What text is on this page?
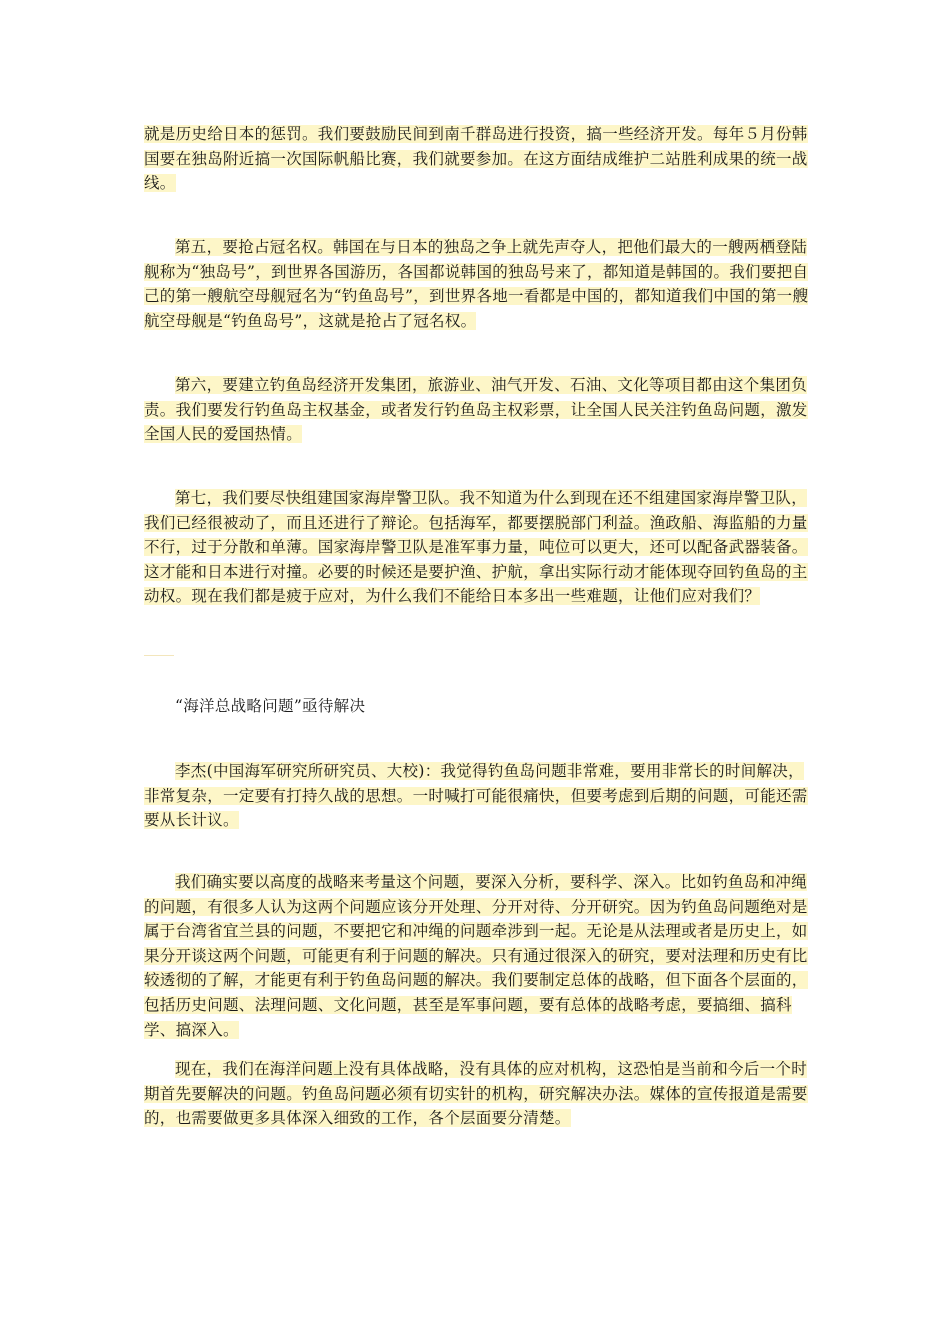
就是历史给日本的惩罚。我们要鼓励民间到南千群岛进行投资，搞一些经济开发。每年５月份韩国要在独岛附近搞一次国际帆船比赛，我们就要参加。在这方面结成维护二站胜利成果的统一战线。

第五，要抢占冠名权。韩国在与日本的独岛之争上就先声夺人，把他们最大的一艘两栖登陆舰称为“独岛号”，到世界各国游历，各国都说韩国的独岛号来了，都知道是韩国的。我们要把自己的第一艘航空母舰冠名为“钓鱼岛号”，到世界各地一看都是中国的，都知道我们中国的第一艘航空母舰是“钓鱼岛号”，这就是抢占了冠名权。

第六，要建立钓鱼岛经济开发集团，旅游业、油气开发、石油、文化等项目都由这个集团负责。我们要发行钓鱼岛主权基金，或者发行钓鱼岛主权彩票，让全国人民关注钓鱼岛问题，激发全国人民的爱国热情。

第七，我们要尽快组建国家海岸警卫队。我不知道为什么到现在还不组建国家海岸警卫队，我们已经很被动了，而且还进行了辩论。包括海军，都要摆脱部门利益。渔政船、海监船的力量不行，过于分散和单薄。国家海岸警卫队是准军事力量，吨位可以更大，还可以配备武器装备。这才能和日本进行对撞。必要的时候还是要护渔、护航，拿出实际行动才能体现夺回钓鱼岛的主动权。现在我们都是疲于应对，为什么我们不能给日本多出一些难题，让他们应对我们？

“海洋总战略问题”亟待解决

李杰(中国海军研究所研究员、大校)：我觉得钓鱼岛问题非常难，要用非常长的时间解决，非常复杂，一定要有打持久战的思想。一时喊打可能很痛快，但要考虑到后期的问题，可能还需要从长计议。

我们确实要以高度的战略来考量这个问题，要深入分析，要科学、深入。比如钓鱼岛和冲绳的问题，有很多人认为这两个问题应该分开处理、分开对待、分开研究。因为钓鱼岛问题绝对是属于台湾省宜兰县的问题，不要把它和冲绳的问题牵涉到一起。无论是从法理或者是历史上，如果分开谈这两个问题，可能更有利于问题的解决。只有通过很深入的研究，要对法理和历史有比较透彻的了解，才能更有利于钓鱼岛问题的解决。我们要制定总体的战略，但下面各个层面的，包括历史问题、法理问题、文化问题，甚至是军事问题，要有总体的战略考虑，要搞细、搞科学、搞深入。

现在，我们在海洋问题上没有具体战略，没有具体的应对机构，这恐怕是当前和今后一个时期首先要解决的问题。钓鱼岛问题必须有切实针的机构，研究解决办法。媒体的宣传报道是需要的，也需要做更多具体深入细致的工作，各个层面要分清楚。
